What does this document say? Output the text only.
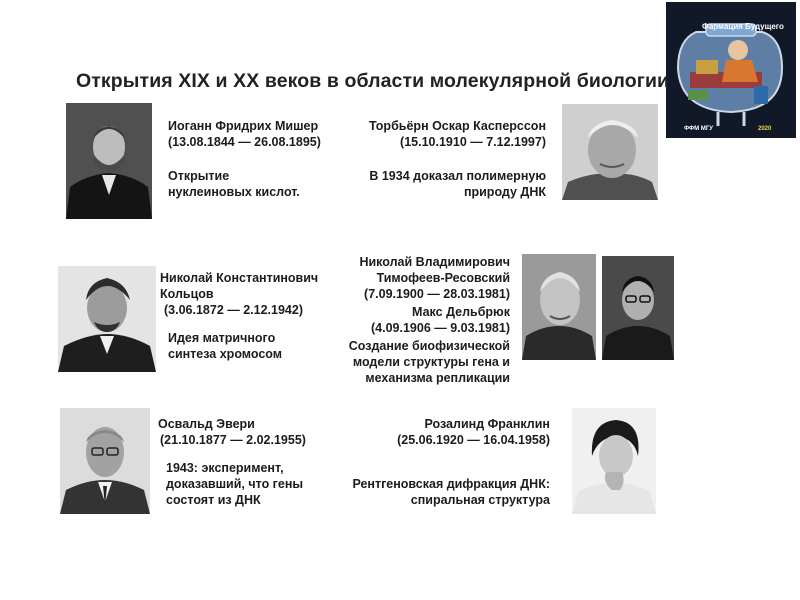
Фармация Будущего
ФФМ МГУ	2020
Открытия XIX и XX веков в области молекулярной биологии
Иоганн Фридрих Мишер
(13.08.1844 — 26.08.1895)
Открытие
нуклеиновых кислот.
Торбьёрн Оскар Касперссон
(15.10.1910 — 7.12.1997)
В 1934 доказал полимерную
природу ДНК
Николай Константинович
Кольцов
(3.06.1872 — 2.12.1942)
Идея матричного
синтеза хромосом
Николай Владимирович
Тимофеев-Ресовский
(7.09.1900 — 28.03.1981)
Макс Дельбрюк
(4.09.1906 — 9.03.1981)
Создание биофизической
модели структуры гена и
механизма репликации
Освальд Эвери
(21.10.1877 — 2.02.1955)
1943: эксперимент,
доказавший, что гены
состоят из ДНК
Розалинд Франклин
(25.06.1920 — 16.04.1958)
Рентгеновская дифракция ДНК:
спиральная структура
